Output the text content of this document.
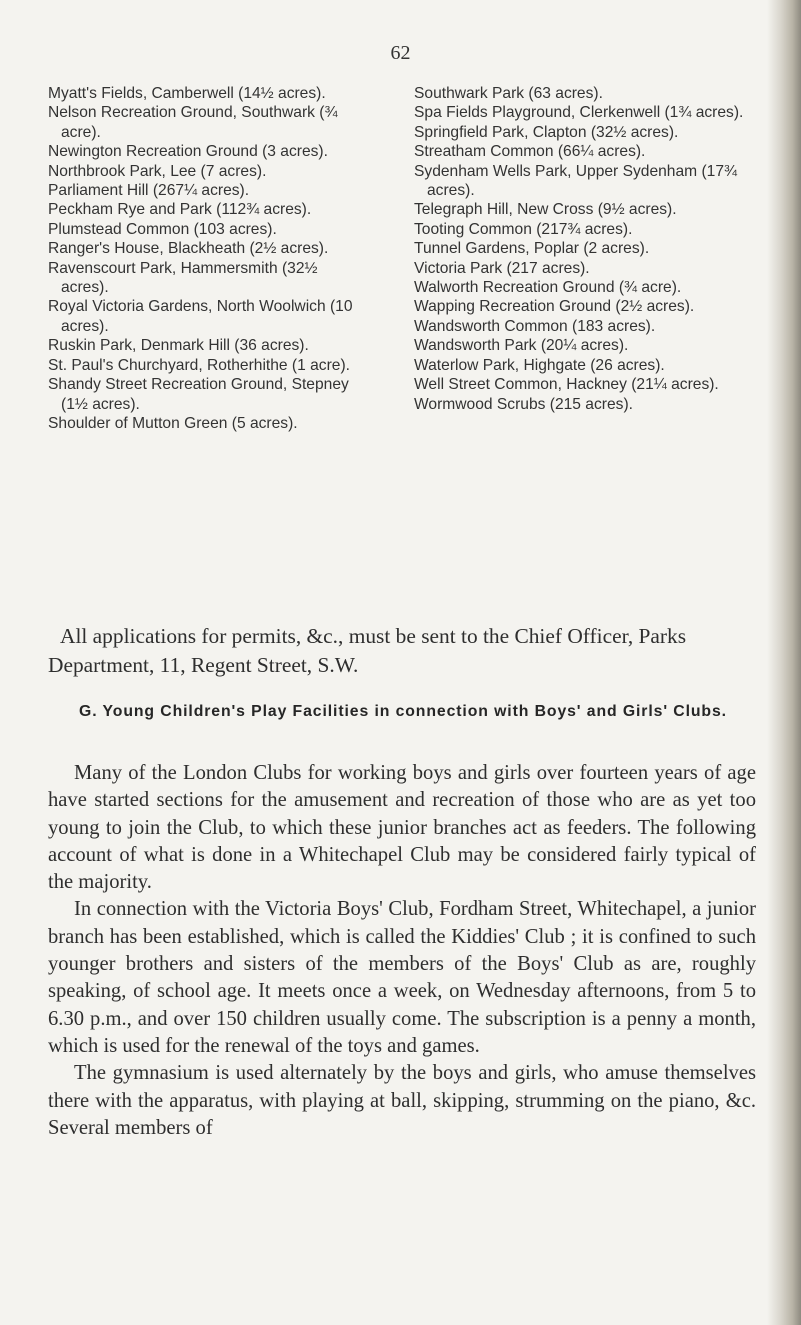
62

Myatt's Fields, Camberwell (14½ acres).

Nelson Recreation Ground, Southwark (¾ acre).

Newington Recreation Ground (3 acres).

Northbrook Park, Lee (7 acres).

Parliament Hill (267¼ acres).

Peckham Rye and Park (112¾ acres).

Plumstead Common (103 acres).

Ranger's House, Blackheath (2½ acres).

Ravenscourt Park, Hammersmith (32½ acres).

Royal Victoria Gardens, North Woolwich (10 acres).

Ruskin Park, Denmark Hill (36 acres).

St. Paul's Churchyard, Rotherhithe (1 acre).

Shandy Street Recreation Ground, Stepney (1½ acres).

Shoulder of Mutton Green (5 acres).

Southwark Park (63 acres).

Spa Fields Playground, Clerkenwell (1¾ acres).

Springfield Park, Clapton (32½ acres).

Streatham Common (66¼ acres).

Sydenham Wells Park, Upper Sydenham (17¾ acres).

Telegraph Hill, New Cross (9½ acres).

Tooting Common (217¾ acres).

Tunnel Gardens, Poplar (2 acres).

Victoria Park (217 acres).

Walworth Recreation Ground (¾ acre).

Wapping Recreation Ground (2½ acres).

Wandsworth Common (183 acres).

Wandsworth Park (20¼ acres).

Waterlow Park, Highgate (26 acres).

Well Street Common, Hackney (21¼ acres).

Wormwood Scrubs (215 acres).

All applications for permits, &c., must be sent to the Chief Officer, Parks Department, 11, Regent Street, S.W.

G. Young Children's Play Facilities in connection with Boys' and Girls' Clubs.

Many of the London Clubs for working boys and girls over fourteen years of age have started sections for the amusement and recreation of those who are as yet too young to join the Club, to which these junior branches act as feeders. The following account of what is done in a Whitechapel Club may be considered fairly typical of the majority.

In connection with the Victoria Boys' Club, Fordham Street, Whitechapel, a junior branch has been established, which is called the Kiddies' Club ; it is confined to such younger brothers and sisters of the members of the Boys' Club as are, roughly speaking, of school age. It meets once a week, on Wednesday afternoons, from 5 to 6.30 p.m., and over 150 children usually come. The subscription is a penny a month, which is used for the renewal of the toys and games.

The gymnasium is used alternately by the boys and girls, who amuse themselves there with the apparatus, with playing at ball, skipping, strumming on the piano, &c. Several members of
